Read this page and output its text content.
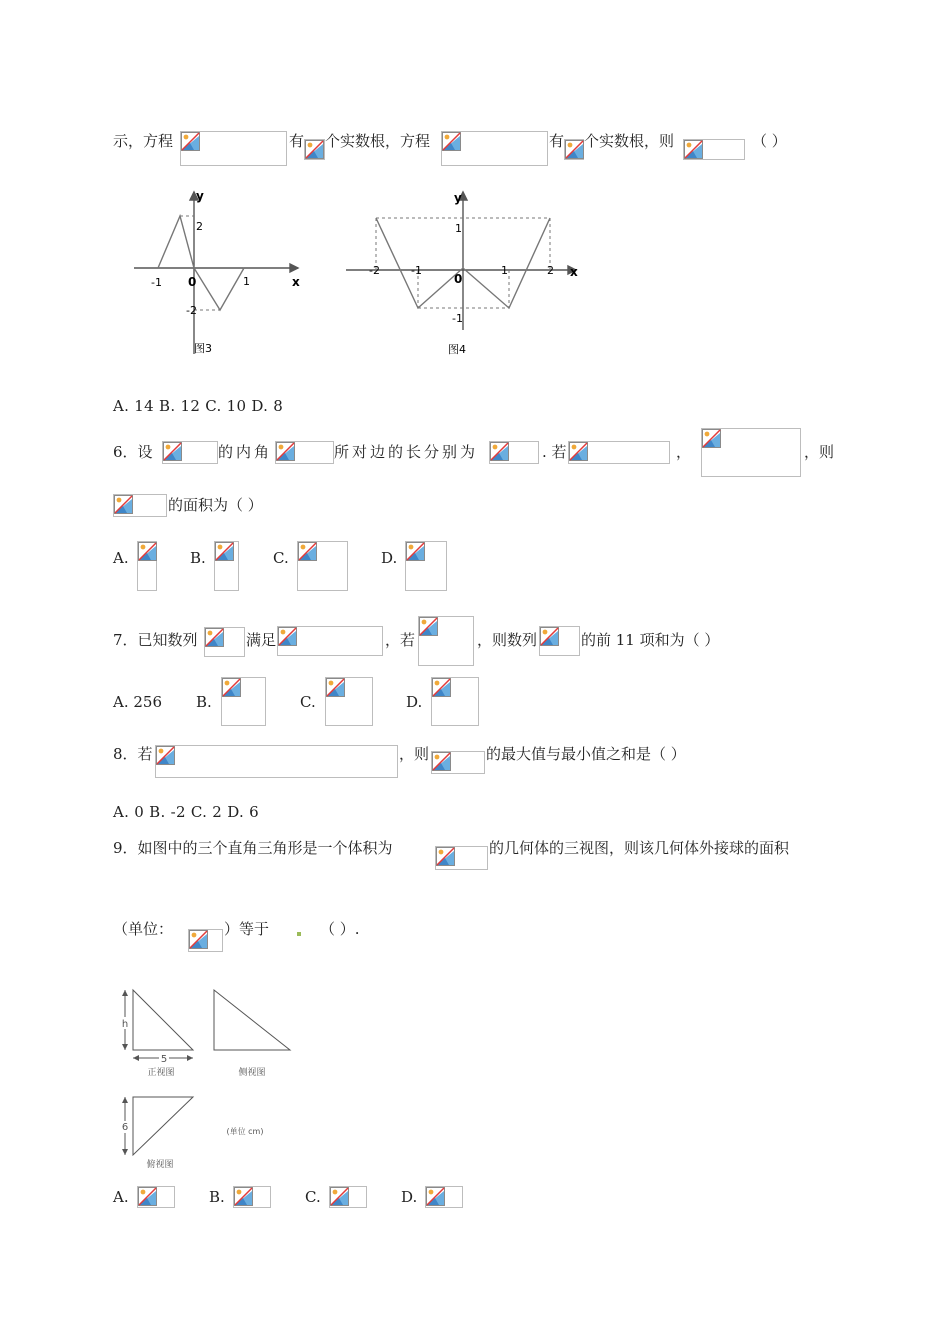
示，方程	有 个实数根，方程	有 个实数根，则	（ ）
y
x
-1 0	1
2
-2
图3
y
x
-2	-1
0
1	2
1
-1
图4
A. 14 B. 12 C. 10 D. 8
6．设	的内角	所对边的长分别为	. 若	，	，则
的面积为（ ）
A.	B.	C.	D.
7．已知数列	满足	，若	，则数列	的前 11 项和为（ ）
A. 256 B.	C.	D.
8．若	，则	的最大值与最小值之和是（ ）
A. 0 B. -2 C. 2 D. 6
9．如图中的三个直角三角形是一个体积为	的几何体的三视图，则该几何体外接球的面积
（单位：	）等于	（ ）.
h
5
6
正视图	侧视图
俯视图
(单位 cm)
A.	B.	C.	D.
